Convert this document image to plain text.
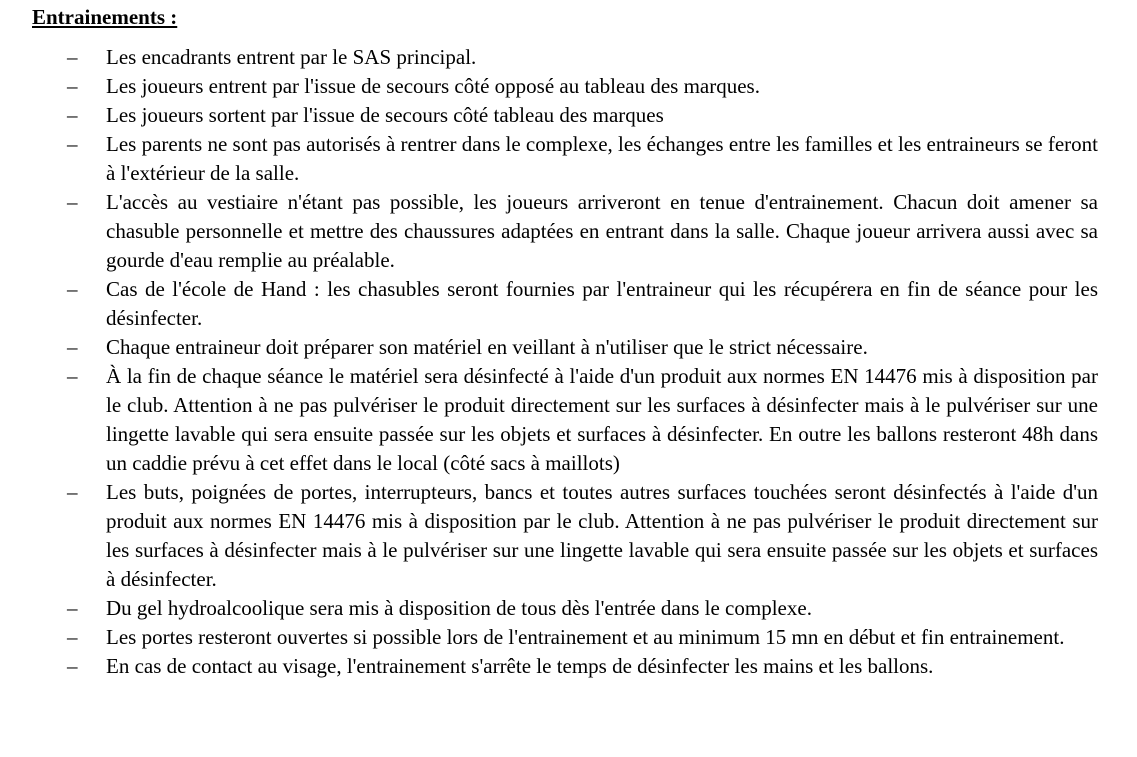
Entrainements :
– Les encadrants entrent par le SAS principal.
– Les joueurs entrent par l'issue de secours côté opposé au tableau des marques.
– Les joueurs sortent par l'issue de secours côté tableau des marques
– Les parents ne sont pas autorisés à rentrer dans le complexe, les échanges entre les familles et les entraineurs se feront à l'extérieur de la salle.
– L'accès au vestiaire n'étant pas possible, les joueurs arriveront en tenue d'entrainement. Chacun doit amener sa chasuble personnelle et mettre des chaussures adaptées en entrant dans la salle. Chaque joueur arrivera aussi avec sa gourde d'eau remplie au préalable.
– Cas de l'école de Hand : les chasubles seront fournies par l'entraineur qui les récupérera en fin de séance pour les désinfecter.
– Chaque entraineur doit préparer son matériel en veillant à n'utiliser que le strict nécessaire.
– À la fin de chaque séance le matériel sera désinfecté à l'aide d'un produit aux normes EN 14476 mis à disposition par le club. Attention à ne pas pulvériser le produit directement sur les surfaces à désinfecter mais à le pulvériser sur une lingette lavable qui sera ensuite passée sur les objets et surfaces à désinfecter. En outre les ballons resteront 48h dans un caddie prévu à cet effet dans le local (côté sacs à maillots)
– Les buts, poignées de portes, interrupteurs, bancs et toutes autres surfaces touchées seront désinfectés à l'aide d'un produit aux normes EN 14476 mis à disposition par le club. Attention à ne pas pulvériser le produit directement sur les surfaces à désinfecter mais à le pulvériser sur une lingette lavable qui sera ensuite passée sur les objets et surfaces à désinfecter.
– Du gel hydroalcoolique sera mis à disposition de tous dès l'entrée dans le complexe.
– Les portes resteront ouvertes si possible lors de l'entrainement et au minimum 15 mn en début et fin entrainement.
– En cas de contact au visage, l'entrainement s'arrête le temps de désinfecter les mains et les ballons.
